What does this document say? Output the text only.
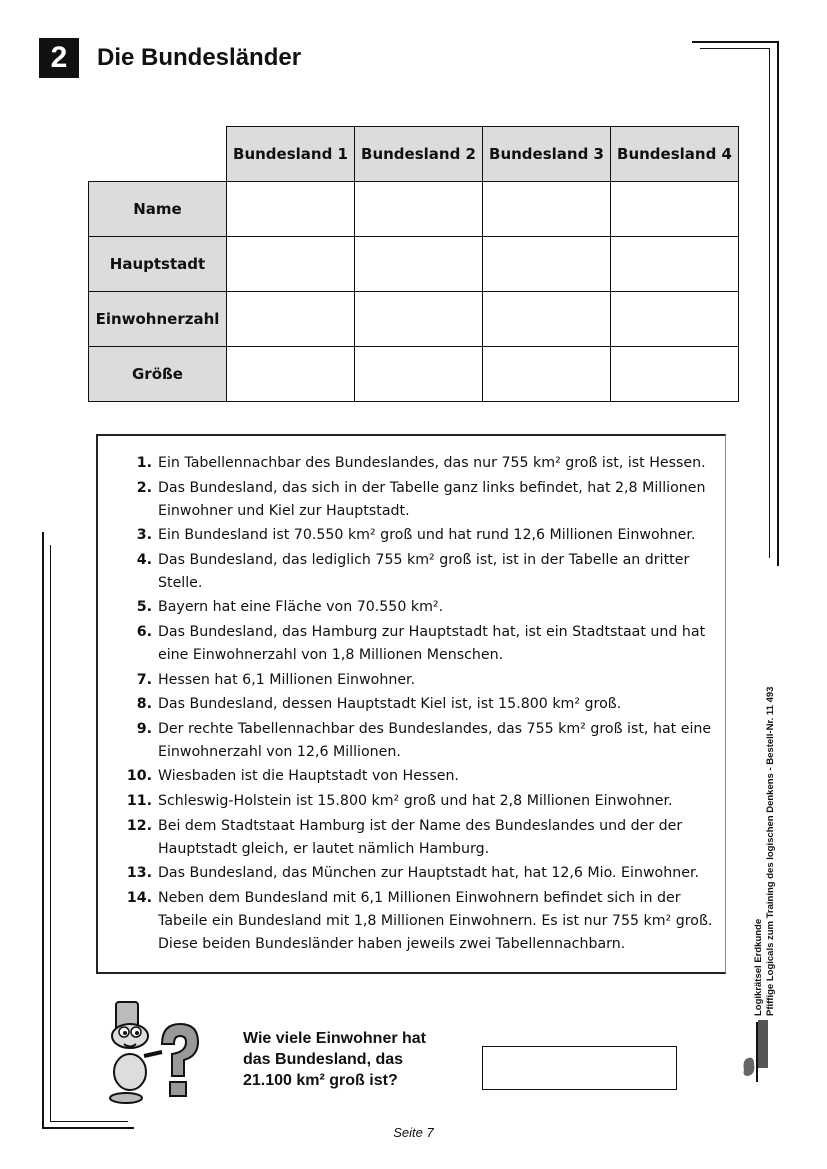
2	Die Bundesländer
	Bundesland 1	Bundesland 2	Bundesland 3	Bundesland 4
Name				
Hauptstadt				
Einwohnerzahl				
Größe				
1. Ein Tabellennachbar des Bundeslandes, das nur 755 km² groß ist, ist Hessen.
2. Das Bundesland, das sich in der Tabelle ganz links befindet, hat 2,8 Millionen Einwohner und Kiel zur Hauptstadt.
3. Ein Bundesland ist 70.550 km² groß und hat rund 12,6 Millionen Einwohner.
4. Das Bundesland, das lediglich 755 km² groß ist, ist in der Tabelle an dritter Stelle.
5. Bayern hat eine Fläche von 70.550 km².
6. Das Bundesland, das Hamburg zur Hauptstadt hat, ist ein Stadtstaat und hat eine Einwohnerzahl von 1,8 Millionen Menschen.
7. Hessen hat 6,1 Millionen Einwohner.
8. Das Bundesland, dessen Hauptstadt Kiel ist, ist 15.800 km² groß.
9. Der rechte Tabellennachbar des Bundeslandes, das 755 km² groß ist, hat eine Einwohnerzahl von 12,6 Millionen.
10. Wiesbaden ist die Hauptstadt von Hessen.
11. Schleswig-Holstein ist 15.800 km² groß und hat 2,8 Millionen Einwohner.
12. Bei dem Stadtstaat Hamburg ist der Name des Bundeslandes und der der Hauptstadt gleich, er lautet nämlich Hamburg.
13. Das Bundesland, das München zur Hauptstadt hat, hat 12,6 Mio. Einwohner.
14. Neben dem Bundesland mit 6,1 Millionen Einwohnern befindet sich in der Tabeile ein Bundesland mit 1,8 Millionen Einwohnern. Es ist nur 755 km² groß. Diese beiden Bundesländer haben jeweils zwei Tabellennachbarn.
Wie viele Einwohner hat
das Bundesland, das
21.100 km² groß ist?
Logikrätsel Erdkunde Pfiffige Logicals zum Training des logischen Denkens - Bestell-Nr. 11 493
Seite 7
